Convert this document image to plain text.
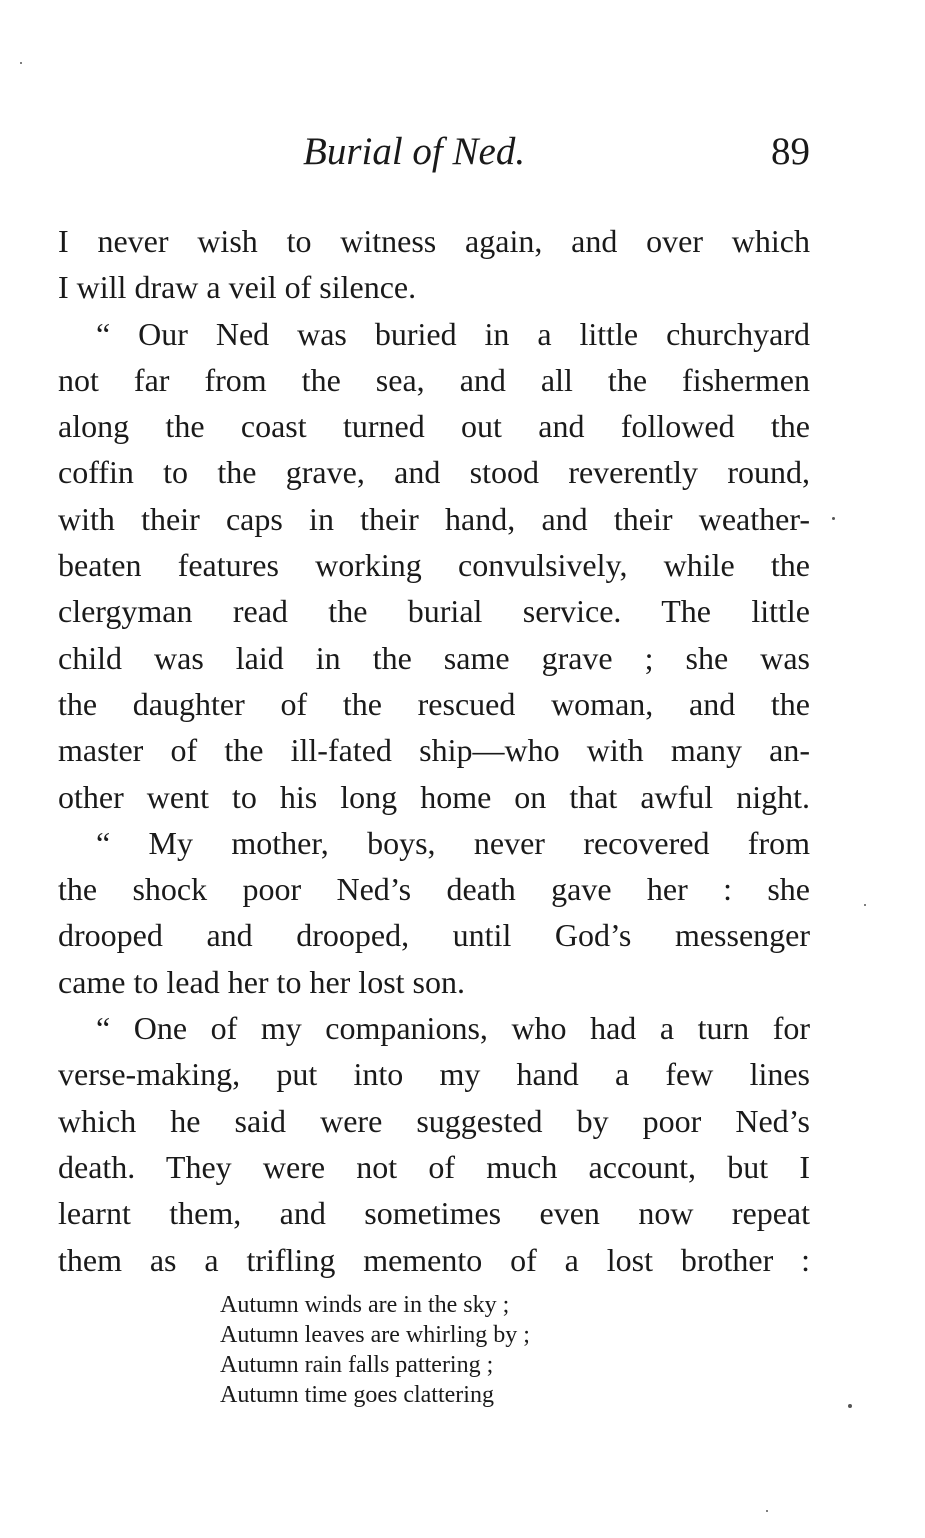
Burial of Ned.	89
I never wish to witness again, and over which
I will draw a veil of silence.
“ Our Ned was buried in a little churchyard
not far from the sea, and all the fishermen
along the coast turned out and followed the
coffin to the grave, and stood reverently round,
with their caps in their hand, and their weather-
beaten features working convulsively, while the
clergyman read the burial service. The little
child was laid in the same grave ; she was
the daughter of the rescued woman, and the
master of the ill-fated ship—who with many an-
other went to his long home on that awful night.
“ My mother, boys, never recovered from
the shock poor Ned’s death gave her : she
drooped and drooped, until God’s messenger
came to lead her to her lost son.
“ One of my companions, who had a turn for
verse-making, put into my hand a few lines
which he said were suggested by poor Ned’s
death. They were not of much account, but I
learnt them, and sometimes even now repeat
them as a trifling memento of a lost brother :
Autumn winds are in the sky ;
Autumn leaves are whirling by ;
Autumn rain falls pattering ;
Autumn time goes clattering
